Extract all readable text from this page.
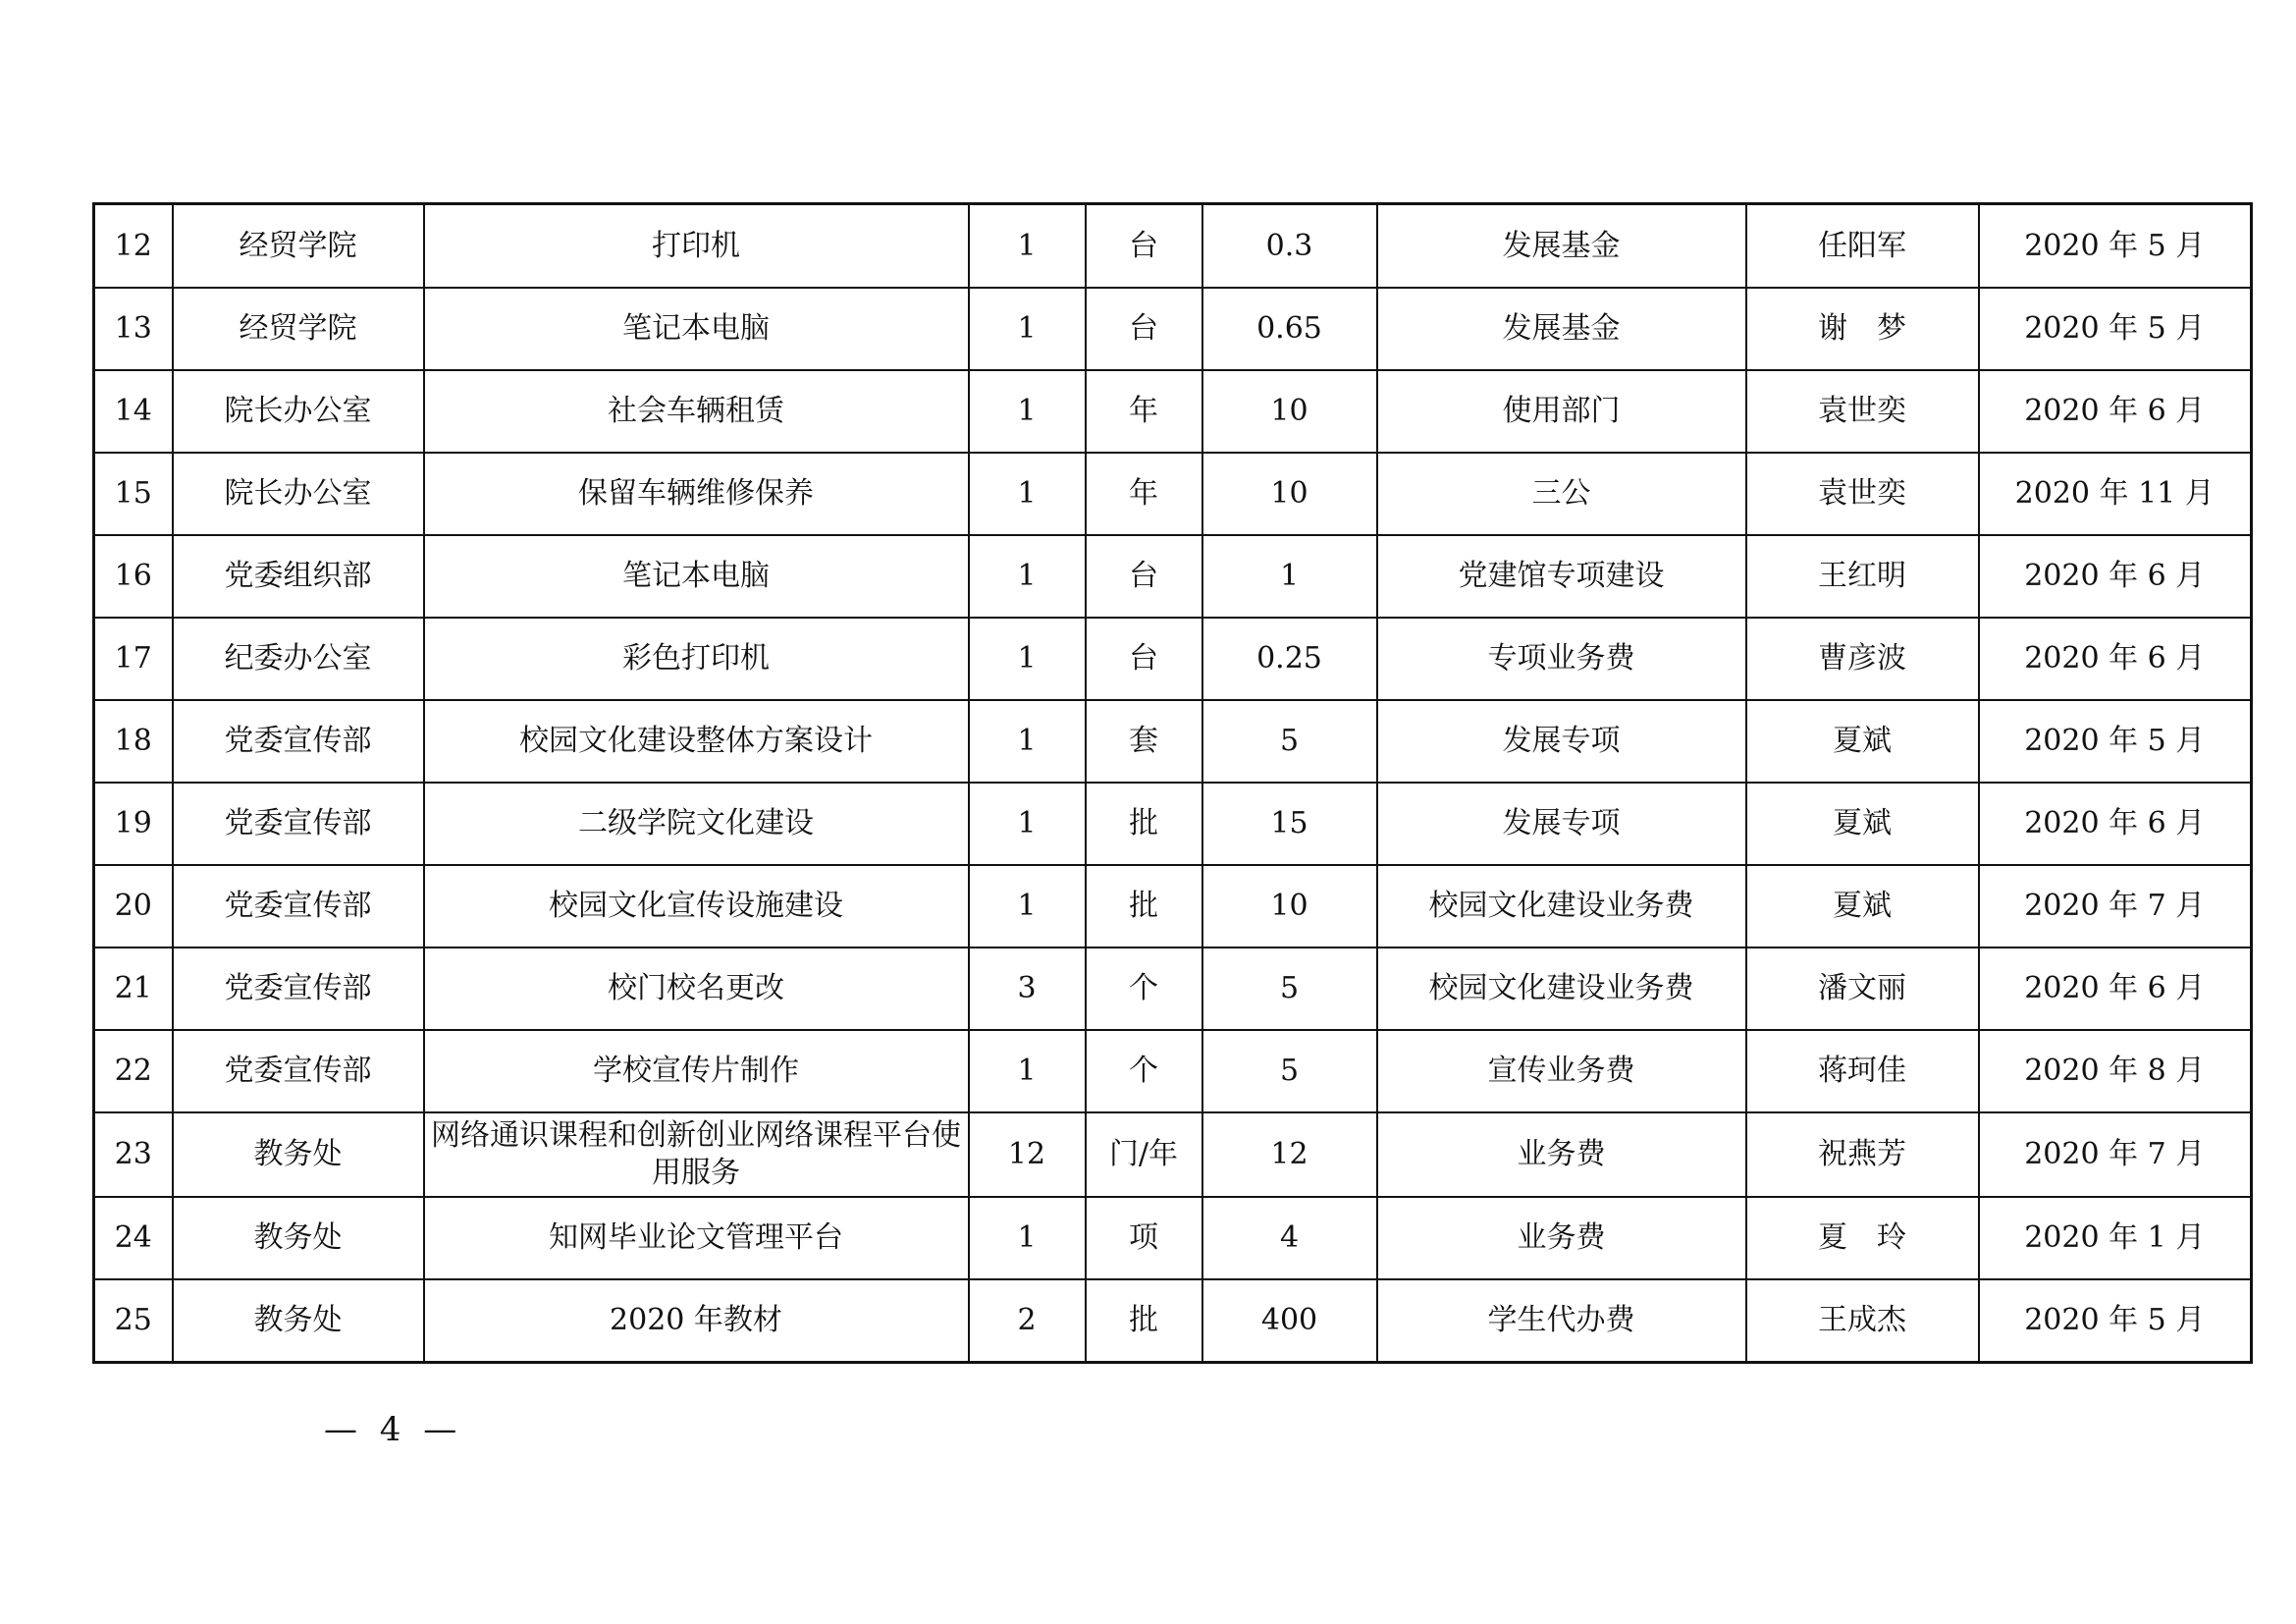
12	经贸学院	打印机	1	台	0.3	发展基金	任阳军	2020 年 5 月
13	经贸学院	笔记本电脑	1	台	0.65	发展基金	谢　梦	2020 年 5 月
14	院长办公室	社会车辆租赁	1	年	10	使用部门	袁世奕	2020 年 6 月
15	院长办公室	保留车辆维修保养	1	年	10	三公	袁世奕	2020 年 11 月
16	党委组织部	笔记本电脑	1	台	1	党建馆专项建设	王红明	2020 年 6 月
17	纪委办公室	彩色打印机	1	台	0.25	专项业务费	曹彦波	2020 年 6 月
18	党委宣传部	校园文化建设整体方案设计	1	套	5	发展专项	夏斌	2020 年 5 月
19	党委宣传部	二级学院文化建设	1	批	15	发展专项	夏斌	2020 年 6 月
20	党委宣传部	校园文化宣传设施建设	1	批	10	校园文化建设业务费	夏斌	2020 年 7 月
21	党委宣传部	校门校名更改	3	个	5	校园文化建设业务费	潘文丽	2020 年 6 月
22	党委宣传部	学校宣传片制作	1	个	5	宣传业务费	蒋珂佳	2020 年 8 月
23	教务处	网络通识课程和创新创业网络课程平台使用服务	12	门/年	12	业务费	祝燕芳	2020 年 7 月
24	教务处	知网毕业论文管理平台	1	项	4	业务费	夏　玲	2020 年 1 月
25	教务处	2020 年教材	2	批	400	学生代办费	王成杰	2020 年 5 月
— 4 —
